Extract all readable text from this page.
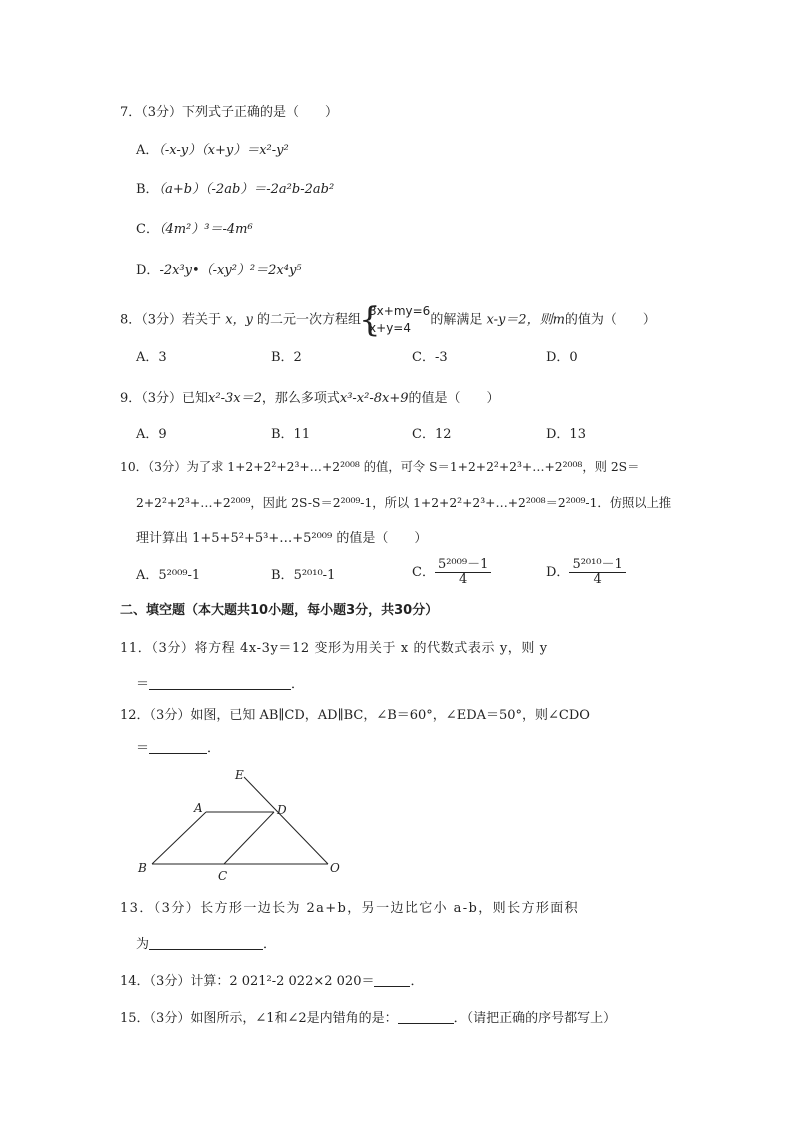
7．（3分）下列式子正确的是（　　）
A．（-x-y）（x+y）＝x²-y²
B．（a+b）（-2ab）＝-2a²b-2ab²
C．（4m²）³＝-4m⁶
D．-2x³y•（-xy²）²＝2x⁴y⁵
8．（3分）若关于 x，y 的二元一次方程组
{
3x+my=6
x+y=4
的解满足 x-y＝2，则m的值为（　　）
A．3	B．2	C．-3	D．0
9．（3分）已知x²-3x＝2，那么多项式x³-x²-8x+9的值是（　　）
A．9	B．11	C．12	D．13
10．（3分）为了求 1+2+2²+2³+…+2²⁰⁰⁸ 的值，可令 S＝1+2+2²+2³+…+2²⁰⁰⁸，则 2S＝
2+2²+2³+…+2²⁰⁰⁹，因此 2S-S＝2²⁰⁰⁹-1，所以 1+2+2²+2³+…+2²⁰⁰⁸＝2²⁰⁰⁹-1．仿照以上推
理计算出 1+5+5²+5³+…+5²⁰⁰⁹ 的值是（　　）
A．5²⁰⁰⁹-1	B．5²⁰¹⁰-1	C． $\frac{\text{5²⁰⁰⁹－1}}{4}$	D． $\frac{\text{5²⁰¹⁰－1}}{4}$
二、填空题（本大题共10小题，每小题3分，共30分）
11．（3分）将方程 4x-3y＝12 变形为用关于 x 的代数式表示 y，则 y
＝	．
12．（3分）如图，已知 AB∥CD，AD∥BC，∠B＝60°，∠EDA＝50°，则∠CDO
＝	．
E
A	D
B
C
O
13．（3分）长方形一边长为 2a+b，另一边比它小 a-b，则长方形面积
为	．
14．（3分）计算：2 021²-2 022×2 020＝	．
15．（3分）如图所示，∠1和∠2是内错角的是：	．（请把正确的序号都写上）
